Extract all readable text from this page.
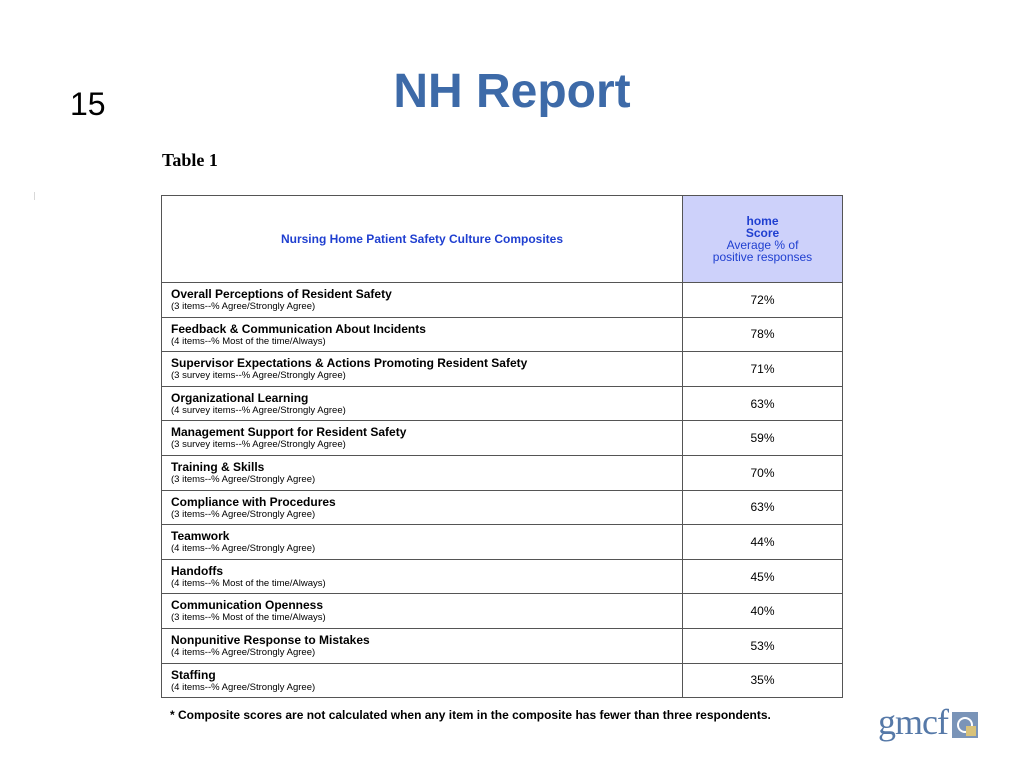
15	NH Report
Table 1
Nursing Home Patient Safety Culture Composites	home
Score
Average % of
positive responses

Overall Perceptions of Resident Safety
(3 items--% Agree/Strongly Agree)	72%

Feedback & Communication About Incidents
(4 items--% Most of the time/Always)	78%

Supervisor Expectations & Actions Promoting Resident Safety
(3 survey items--% Agree/Strongly Agree)	71%

Organizational Learning
(4 survey items--% Agree/Strongly Agree)	63%

Management Support for Resident Safety
(3 survey items--% Agree/Strongly Agree)	59%

Training & Skills
(3 items--% Agree/Strongly Agree)	70%

Compliance with Procedures
(3 items--% Agree/Strongly Agree)	63%

Teamwork
(4 items--% Agree/Strongly Agree)	44%

Handoffs
(4 items--% Most of the time/Always)	45%

Communication Openness
(3 items--% Most of the time/Always)	40%

Nonpunitive Response to Mistakes
(4 items--% Agree/Strongly Agree)	53%

Staffing
(4 items--% Agree/Strongly Agree)	35%
* Composite scores are not calculated when any item in the composite has fewer than three respondents.	gmcf
